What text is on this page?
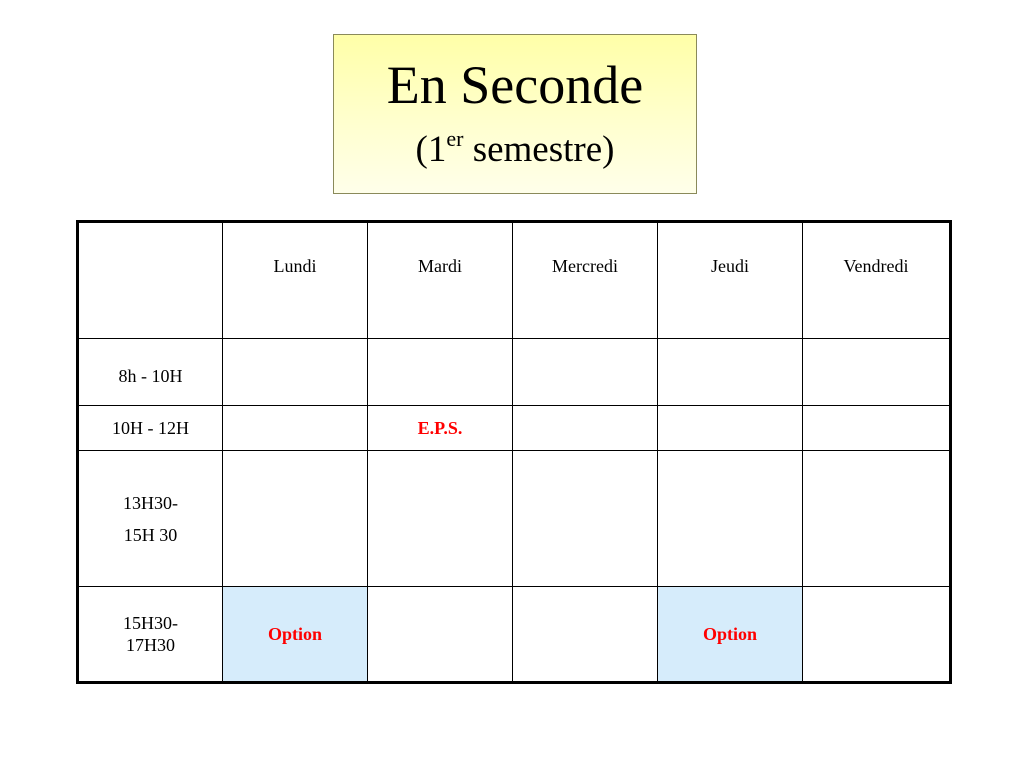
En Seconde
(1er semestre)
	Lundi	Mardi	Mercredi	Jeudi	Vendredi
8h - 10H					
10H - 12H		E.P.S.			

13H30-
15H 30					

15H30-
17H30	Option			Option	
